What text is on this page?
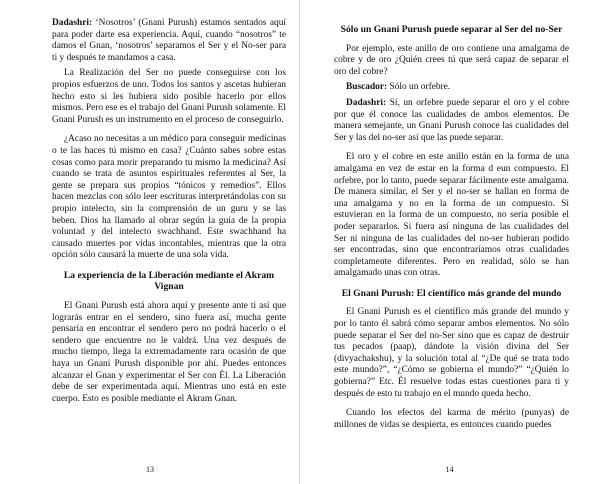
Dadashri: ‘Nosotros’ (Gnani Purush) estamos sentados aquí para poder darte esa experiencia. Aquí, cuando “nosotros” te damos el Gnan, ‘nosotros’ separamos el Ser y el No-ser para ti y después te mandamos a casa.

La Realización del Ser no puede conseguirse con los propios esfuerzos de uno. Todos los santos y ascetas hubieran hecho esto si les hubiera sido posible hacerlo por ellos mismos. Pero ese es el trabajo del Gnani Purush solamente. El Gnani Purush es un instrumento en el proceso de conseguirlo.

¿Acaso no necesitas a un médico para conseguir medicinas o te las haces tú mismo en casa? ¿Cuánto sabes sobre estas cosas como para morir preparando tu mismo la medicina? Así cuando se trata de asuntos espirituales referentes al Ser, la gente se prepara sus propios “tónicos y remedios”. Ellos hacen mezclas con sólo leer escrituras interpretándolas con su propio intelecto, sin la comprensión de un guru y se las beben. Dios ha llamado al obrar según la guía de la propia voluntad y del intelecto swachhand. Este swachhand ha causado muertes por vidas incontables, mientras que la otra opción sólo causará la muerte de una sola vida.

La experiencia de la Liberación mediante el Akram Vignan

El Gnani Purush está ahora aquí y presente ante ti así que lograrás entrar en el sendero, sino fuera así, mucha gente pensaría en encontrar el sendero pero no podrá hacerlo o el sendero que encuentre no le valdrá. Una vez después de mucho tiempo, llega la extremadamente rara ocasión de que haya un Gnani Purush disponible por ahí. Puedes entonces alcanzar el Gnan y experimentar el Ser con Él. La Liberación debe de ser experimentada aquí. Mientras uno está en este cuerpo. Esto es posible mediante el Akram Gnan.

13
Sólo un Gnani Purush puede separar al Ser del no-Ser

Por ejemplo, este anillo de oro contiene una amalgama de cobre y de oro ¿Quién crees tú que será capaz de separar el oro del cobre?

Buscador: Sólo un orfebre.

Dadashri: Sí, un orfebre puede separar el oro y el cobre por que él conoce las cualidades de ambos elementos. De manera semejante, un Gnani Purush conoce las cualidades del Ser y las del no-ser así que las puede separar.

El oro y el cobre en este anillo están en la forma de una amalgama en vez de estar en la forma d eun compuesto. El orfebre, por lo tanto, puede separar fácilmente este amalgama. De manera similar, el Ser y el no-ser se hallan en forma de una amalgama y no en la forma de un compuesto. Si estuvieran en la forma de un compuesto, no sería posible el poder separarlos. Si fuera así ninguna de las cualidades del Ser ni ninguna de las cualidades del no-ser hubieran podido ser encontradas, sino que encontraríamos otras cualidades completamente diferentes. Pero en realidad, sólo se han amalgamado unas con otras.

El Gnani Purush: El científico más grande del mundo

El Gnani Purush es el científico más grande del mundo y por lo tanto él sabrá cómo separar ambos elementos. No sólo puede separar el Ser del no-Ser sino que es capaz de destruir tus pecados (paap), dándote la visión divina del Ser (divyachakshu), y la solución total al “¿De qué se trata todo este mundo?”, “¿Cómo se gobierna el mundo?” “¿Quién lo gobierna?” Etc. Él resuelve todas estas cuestiones para ti y después de esto tu trabajo en el mundo queda hecho.

Cuando los efectos del karma de mérito (punyas) de millones de vidas se despierta, es entonces cuando puedes

14
